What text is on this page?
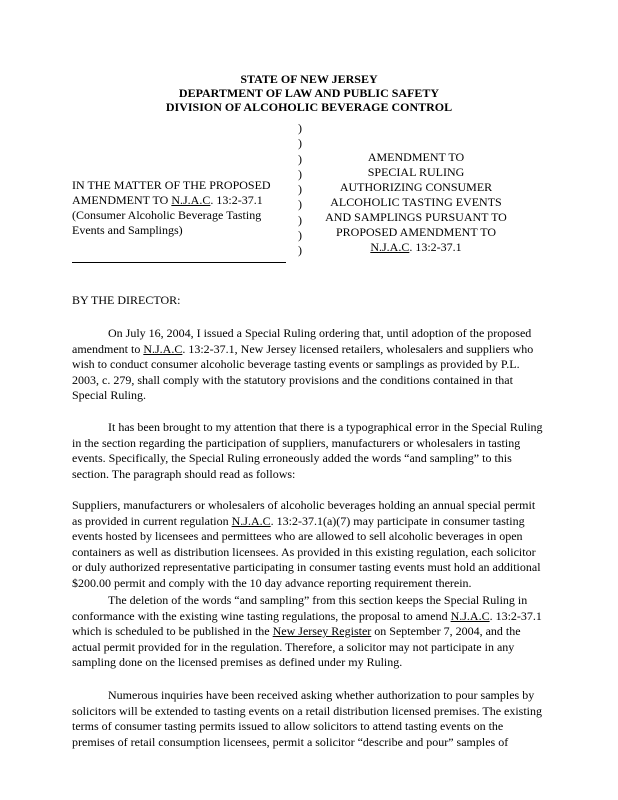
STATE OF NEW JERSEY
DEPARTMENT OF LAW AND PUBLIC SAFETY
DIVISION OF ALCOHOLIC BEVERAGE CONTROL
IN THE MATTER OF THE PROPOSED
AMENDMENT TO N.J.A.C. 13:2-37.1
(Consumer Alcoholic Beverage Tasting
Events and Samplings)
)
)
)
)
)
)
)
)
)
AMENDMENT TO
SPECIAL RULING
AUTHORIZING CONSUMER
ALCOHOLIC TASTING EVENTS
AND SAMPLINGS PURSUANT TO
PROPOSED AMENDMENT TO
N.J.A.C. 13:2-37.1
BY THE DIRECTOR:

On July 16, 2004, I issued a Special Ruling ordering that, until adoption of the proposed amendment to N.J.A.C. 13:2-37.1, New Jersey licensed retailers, wholesalers and suppliers who wish to conduct consumer alcoholic beverage tasting events or samplings as provided by P.L. 2003, c. 279, shall comply with the statutory provisions and the conditions contained in that Special Ruling.

It has been brought to my attention that there is a typographical error in the Special Ruling in the section regarding the participation of suppliers, manufacturers or wholesalers in tasting events. Specifically, the Special Ruling erroneously added the words “and sampling” to this section. The paragraph should read as follows:

Suppliers, manufacturers or wholesalers of alcoholic beverages holding an annual special permit as provided in current regulation N.J.A.C. 13:2-37.1(a)(7) may participate in consumer tasting events hosted by licensees and permittees who are allowed to sell alcoholic beverages in open containers as well as distribution licensees. As provided in this existing regulation, each solicitor or duly authorized representative participating in consumer tasting events must hold an additional $200.00 permit and comply with the 10 day advance reporting requirement therein.

The deletion of the words “and sampling” from this section keeps the Special Ruling in conformance with the existing wine tasting regulations, the proposal to amend N.J.A.C. 13:2-37.1 which is scheduled to be published in the New Jersey Register on September 7, 2004, and the actual permit provided for in the regulation. Therefore, a solicitor may not participate in any sampling done on the licensed premises as defined under my Ruling.

Numerous inquiries have been received asking whether authorization to pour samples by solicitors will be extended to tasting events on a retail distribution licensed premises. The existing terms of consumer tasting permits issued to allow solicitors to attend tasting events on the premises of retail consumption licensees, permit a solicitor “describe and pour” samples of
